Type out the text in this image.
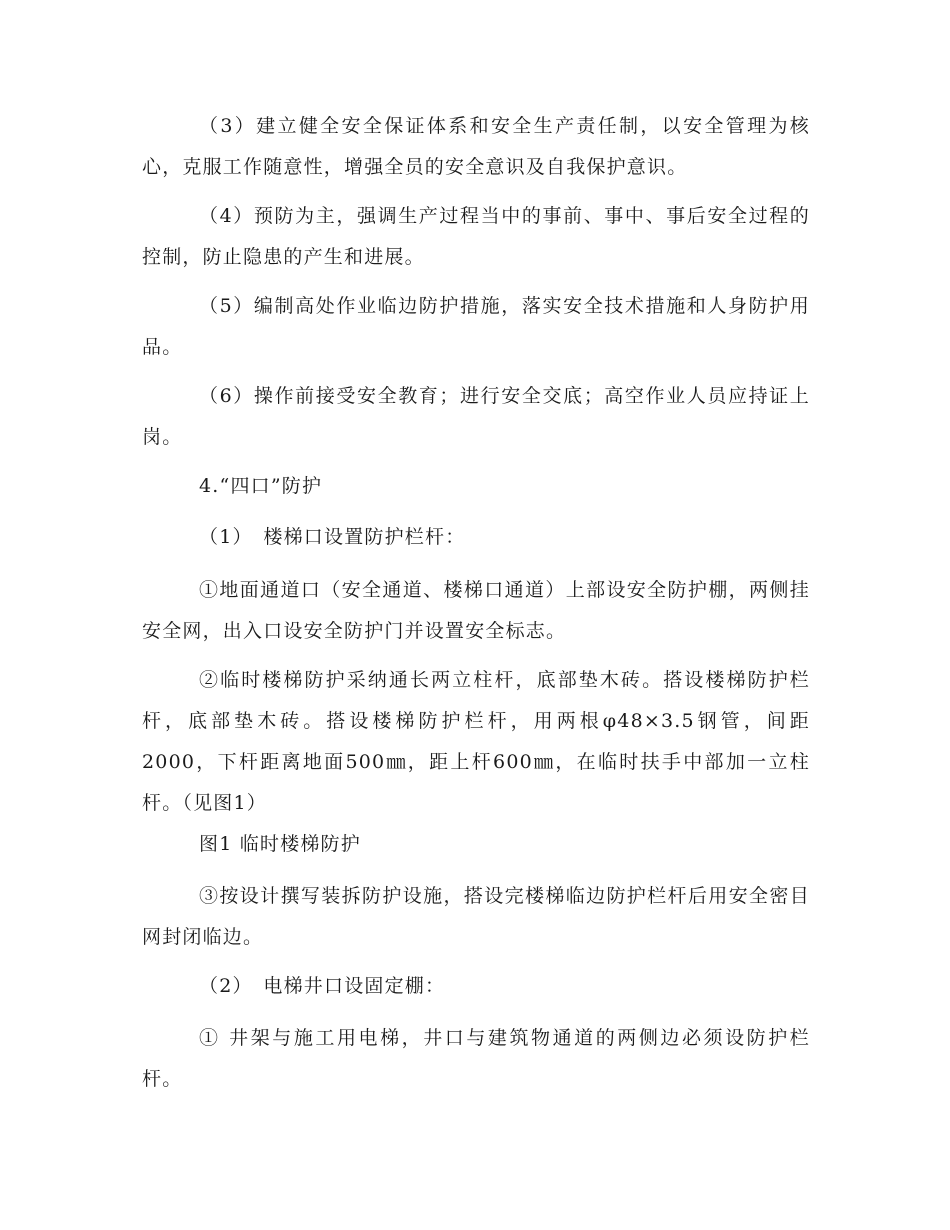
（3）建立健全安全保证体系和安全生产责任制，以安全管理为核心，克服工作随意性，增强全员的安全意识及自我保护意识。

（4）预防为主，强调生产过程当中的事前、事中、事后安全过程的控制，防止隐患的产生和进展。

（5）编制高处作业临边防护措施，落实安全技术措施和人身防护用品。

（6）操作前接受安全教育；进行安全交底；高空作业人员应持证上岗。

4.“四口”防护

（1）　楼梯口设置防护栏杆：

①地面通道口（安全通道、楼梯口通道）上部设安全防护棚，两侧挂安全网，出入口设安全防护门并设置安全标志。

②临时楼梯防护采纳通长两立柱杆，底部垫木砖。搭设楼梯防护栏杆，底部垫木砖。搭设楼梯防护栏杆，用两根φ48×3.5钢管，间距2000，下杆距离地面500㎜，距上杆600㎜，在临时扶手中部加一立柱杆。（见图1）

图1 临时楼梯防护

③按设计撰写装拆防护设施，搭设完楼梯临边防护栏杆后用安全密目网封闭临边。

（2）　电梯井口设固定棚：

① 井架与施工用电梯，井口与建筑物通道的两侧边必须设防护栏杆。
